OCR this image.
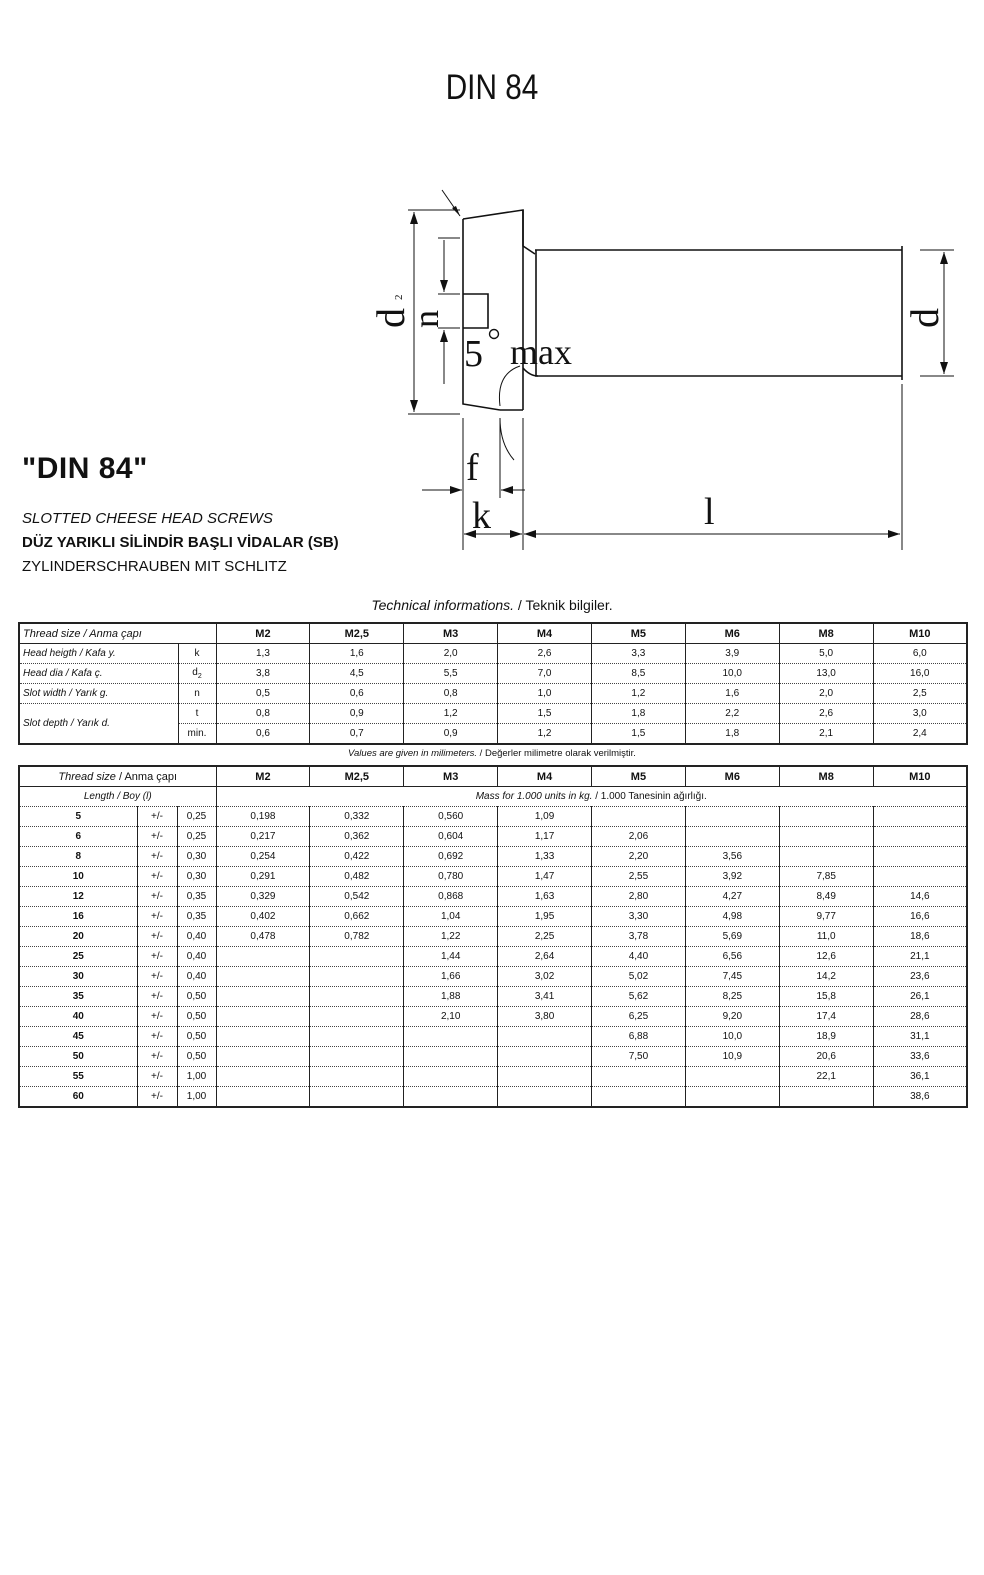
DIN 84
d
2
n
5 max
d
f
k	l
"DIN 84"
SLOTTED CHEESE HEAD SCREWS
DÜZ YARIKLI SİLİNDİR BAŞLI VİDALAR (SB)
ZYLINDERSCHRAUBEN MIT SCHLITZ
Technical informations. / Teknik bilgiler.
Thread size / Anma çapı		M2	M2,5	M3	M4	M5	M6	M8	M10
Head heigth / Kafa y.	k	1,3	1,6	2,0	2,6	3,3	3,9	5,0	6,0
Head dia / Kafa ç.	$d_2$	3,8	4,5	5,5	7,0	8,5	10,0	13,0	16,0
Slot width / Yarık g.	n	0,5	0,6	0,8	1,0	1,2	1,6	2,0	2,5
Slot depth / Yarık d.	t	0,8	0,9	1,2	1,5	1,8	2,2	2,6	3,0
	min.	0,6	0,7	0,9	1,2	1,5	1,8	2,1	2,4
Values are given in milimeters. / Değerler milimetre olarak verilmiştir.
Thread size / Anma çapı			M2	M2,5	M3	M4	M5	M6	M8	M10
Length / Boy (l)			Mass for 1.000 units in kg. / 1.000 Tanesinin ağırlığı.							
5	+/-	0,25	0,198	0,332	0,560	1,09				
6	+/-	0,25	0,217	0,362	0,604	1,17	2,06			
8	+/-	0,30	0,254	0,422	0,692	1,33	2,20	3,56		
10	+/-	0,30	0,291	0,482	0,780	1,47	2,55	3,92	7,85	
12	+/-	0,35	0,329	0,542	0,868	1,63	2,80	4,27	8,49	14,6
16	+/-	0,35	0,402	0,662	1,04	1,95	3,30	4,98	9,77	16,6
20	+/-	0,40	0,478	0,782	1,22	2,25	3,78	5,69	11,0	18,6
25	+/-	0,40			1,44	2,64	4,40	6,56	12,6	21,1
30	+/-	0,40			1,66	3,02	5,02	7,45	14,2	23,6
35	+/-	0,50			1,88	3,41	5,62	8,25	15,8	26,1
40	+/-	0,50			2,10	3,80	6,25	9,20	17,4	28,6
45	+/-	0,50					6,88	10,0	18,9	31,1
50	+/-	0,50					7,50	10,9	20,6	33,6
55	+/-	1,00							22,1	36,1
60	+/-	1,00								38,6
